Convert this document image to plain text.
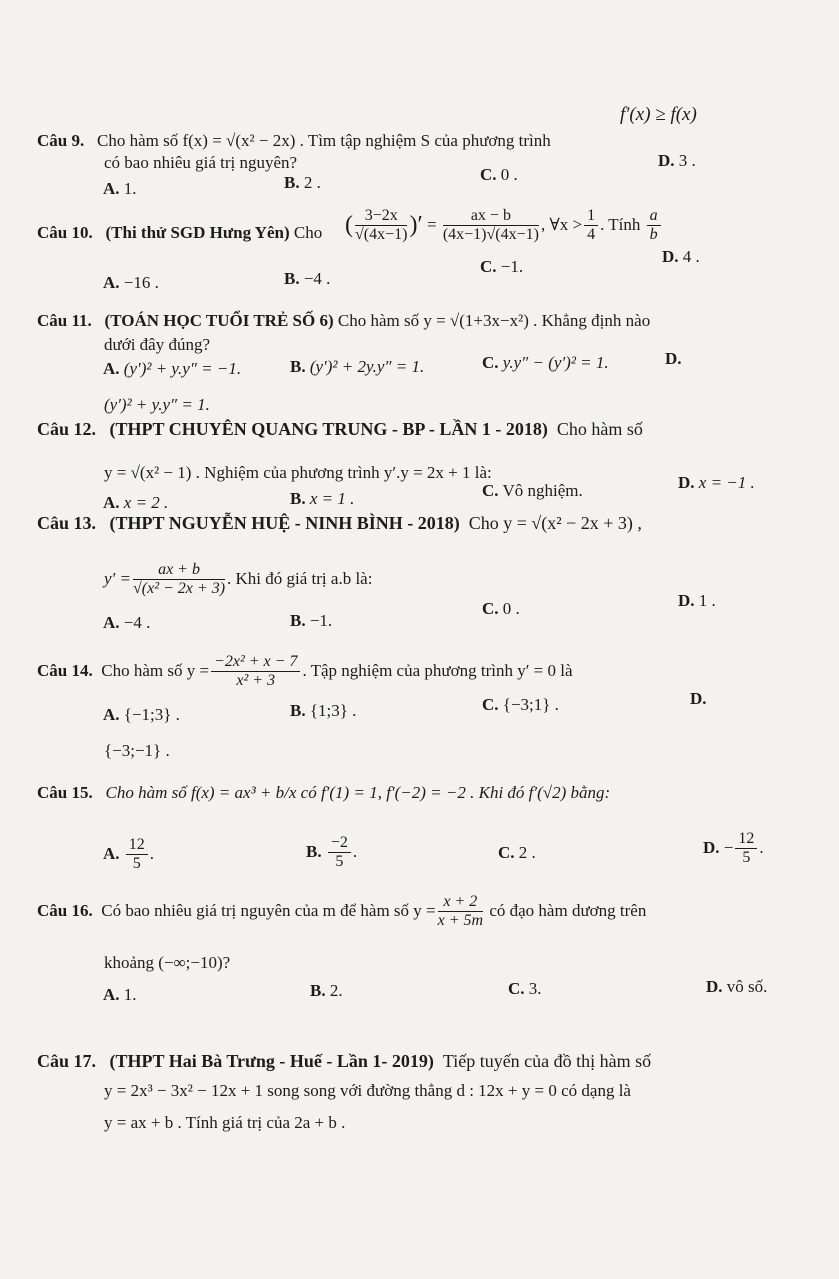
Câu 9. Cho hàm số f(x) = √(x² − 2x) . Tìm tập nghiệm S của phương trình
f′(x) ≥ f(x)
có bao nhiêu giá trị nguyên?
A. 1.	B. 2 .	C. 0 .
D. 3 .
Câu 10. (Thi thử SGD Hưng Yên) Cho ( $\frac{3-2x}{√(4x-1)}$ )′ = $\frac{ax - b}{(4x-1)√(4x-1)}$ , ∀x > $\frac{1}{4}$ . Tính
$\frac{a}{b}$
A. −16 .	B. −4 .
C. −1.
D. 4 .
Câu 11. (TOÁN HỌC TUỔI TRẺ SỐ 6) Cho hàm số y = √(1+3x−x²) . Khẳng định nào
dưới đây đúng?
A. (y′)² + y.y″ = −1.	B. (y′)² + 2y.y″ = 1.	C. y.y″ − (y′)² = 1.	D.
(y′)² + y.y″ = 1.
Câu 12. (THPT CHUYÊN QUANG TRUNG - BP - LẦN 1 - 2018) Cho hàm số
y = √(x² − 1) . Nghiệm của phương trình y′.y = 2x + 1 là:
A. x = 2 .	B. x = 1 .	C. Vô nghiệm.	D. x = −1 .
Câu 13. (THPT NGUYỄN HUỆ - NINH BÌNH - 2018) Cho y = √(x² − 2x + 3) ,
$y' = \frac{ax + b}{\text{√(x² − 2x + 3)}}$ . Khi đó giá trị a.b là:
A. −4 .	B. −1.
C. 0 .	D. 1 .
Câu 14.
Cho hàm số $y = \frac{\text{−2x² + x − 7}}{\text{x² + 3}}$ . Tập nghiệm của phương trình y′ = 0 là
A. {−1;3} .	B. {1;3} .	C. {−3;1} .	D.
{−3;−1} .
Câu 15. Cho hàm số f(x) = ax³ + b/x có f′(1) = 1, f′(−2) = −2 . Khi đó f′(√2) bằng:
A.
$\frac{12}{5}$ .	B.
$\frac{-2}{5}$ .	C. 2 .	D.
− $\frac{12}{5}$ .
Câu 16.
Có bao nhiêu giá trị nguyên của m để hàm số $y = \frac{x + 2}{x + 5m}$
có đạo hàm dương trên
khoảng (−∞;−10)?
A. 1.	B. 2.	C. 3.	D. vô số.
Câu 17. (THPT Hai Bà Trưng - Huế - Lần 1- 2019) Tiếp tuyến của đồ thị hàm số
y = 2x³ − 3x² − 12x + 1 song song với đường thẳng d : 12x + y = 0 có dạng là
y = ax + b . Tính giá trị của 2a + b .
